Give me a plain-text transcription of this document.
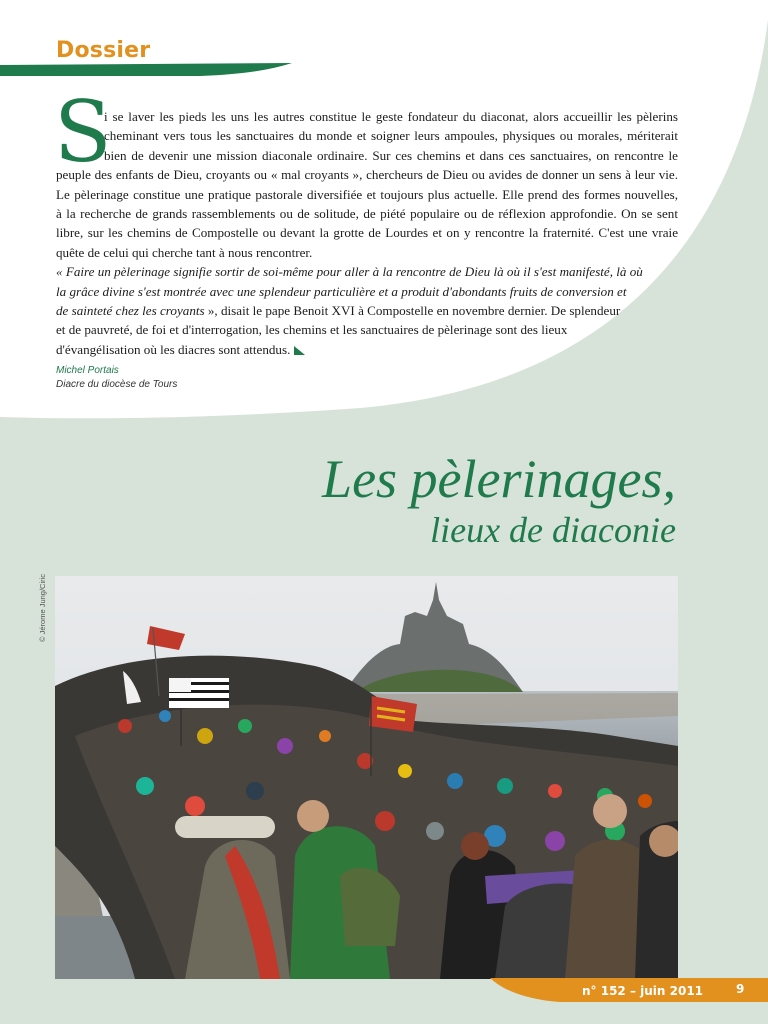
Dossier
S
i se laver les pieds les uns les autres constitue le geste fondateur du diaconat, alors accueillir les pèlerins
cheminant vers tous les sanctuaires du monde et soigner leurs ampoules, physiques ou morales, mériterait
bien de devenir une mission diaconale ordinaire. Sur ces chemins et dans ces sanctuaires, on rencontre le
peuple des enfants de Dieu, croyants ou « mal croyants », chercheurs de Dieu ou avides de donner un sens à leur vie.
Le pèlerinage constitue une pratique pastorale diversifiée et toujours plus actuelle. Elle prend des formes nouvelles,
à la recherche de grands rassemblements ou de solitude, de piété populaire ou de réflexion approfondie. On se sent
libre, sur les chemins de Compostelle ou devant la grotte de Lourdes et on y rencontre la fraternité. C'est une vraie
quête de celui qui cherche tant à nous rencontrer.
« Faire un pèlerinage signifie sortir de soi-même pour aller à la rencontre de Dieu là où il s'est manifesté, là où
la grâce divine s'est montrée avec une splendeur particulière et a produit d'abondants fruits de conversion et
de sainteté chez les croyants », disait le pape Benoit XVI à Compostelle en novembre dernier. De splendeur
et de pauvreté, de foi et d'interrogation, les chemins et les sanctuaires de pèlerinage sont des lieux
d'évangélisation où les diacres sont attendus.
Michel Portais
Diacre du diocèse de Tours
Les pèlerinages,
lieux de diaconie
© Jérome Jung/Ciric
n° 152 – juin 2011	9
